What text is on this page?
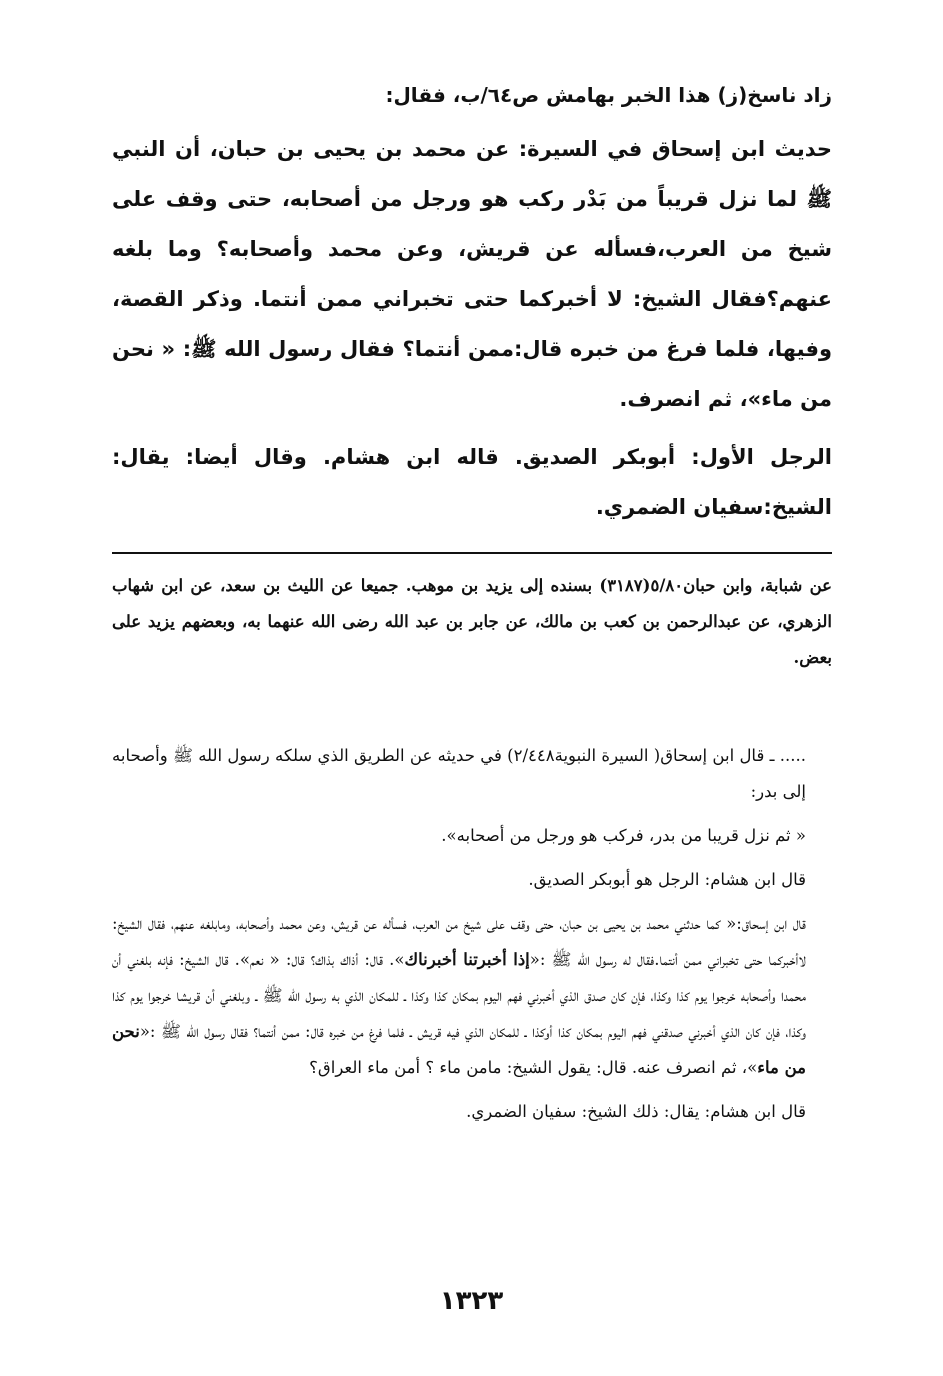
زاد ناسخ(ز) هذا الخبر بهامش ص٦٤/ب، فقال:

حديث ابن إسحاق في السيرة: عن محمد بن يحيى بن حبان، أن النبي ﷺ لما نزل قريباً من بَدْر ركب هو ورجل من أصحابه، حتى وقف على شيخ من العرب،فسأله عن قريش، وعن محمد وأصحابه؟ وما بلغه عنهم؟فقال الشيخ: لا أخبركما حتى تخبراني ممن أنتما. وذكر القصة، وفيها، فلما فرغ من خبره قال:ممن أنتما؟ فقال رسول الله ﷺ: « نحن من ماء»، ثم انصرف.

الرجل الأول: أبوبكر الصديق. قاله ابن هشام. وقال أيضا: يقال: الشيخ:سفيان الضمري.

عن شبابة، وابن حبان٥/٨٠(٣١٨٧) بسنده إلى يزيد بن موهب. جميعا عن الليث بن سعد، عن ابن شهاب الزهري، عن عبدالرحمن بن كعب بن مالك، عن جابر بن عبد الله رضى الله عنهما به، وبعضهم يزيد على بعض.

..... ـ قال ابن إسحاق( السيرة النبوية٢/٤٤٨) في حديثه عن الطريق الذي سلكه رسول الله ﷺ وأصحابه إلى بدر:

« ثم نزل قريبا من بدر، فركب هو ورجل من أصحابه».

قال ابن هشام: الرجل هو أبوبكر الصديق.

قال ابن إسحاق:« كما حدثني محمد بن يحيى بن حبان، حتى وقف على شيخ من العرب، فسأله عن قريش، وعن محمد وأصحابه، ومابلغه عنهم، فقال الشيخ: لاأخبركما حتى تخبراني ممن أنتما.فقال له رسول الله ﷺ :«إذا أخبرتنا أخبرناك». قال: أذاك بذاك؟ قال: « نعم». قال الشيخ: فإنه بلغني أن محمدا وأصحابه خرجوا يوم كذا وكذا، فإن كان صدق الذي أخبرني فهم اليوم بمكان كذا وكذا ـ للمكان الذي به رسول الله ﷺ ـ وبلغني أن قريشا خرجوا يوم كذا وكذا، فإن كان الذي أخبرني صدقني فهم اليوم بمكان كذا أوكذا ـ للمكان الذي فيه قريش ـ فلما فرغ من خبره قال: ممن أنتما؟ فقال رسول الله ﷺ :«نحن من ماء»، ثم انصرف عنه. قال: يقول الشيخ: مامن ماء ؟ أمن ماء العراق؟

قال ابن هشام: يقال: ذلك الشيخ: سفيان الضمري.

١٣٢٣
